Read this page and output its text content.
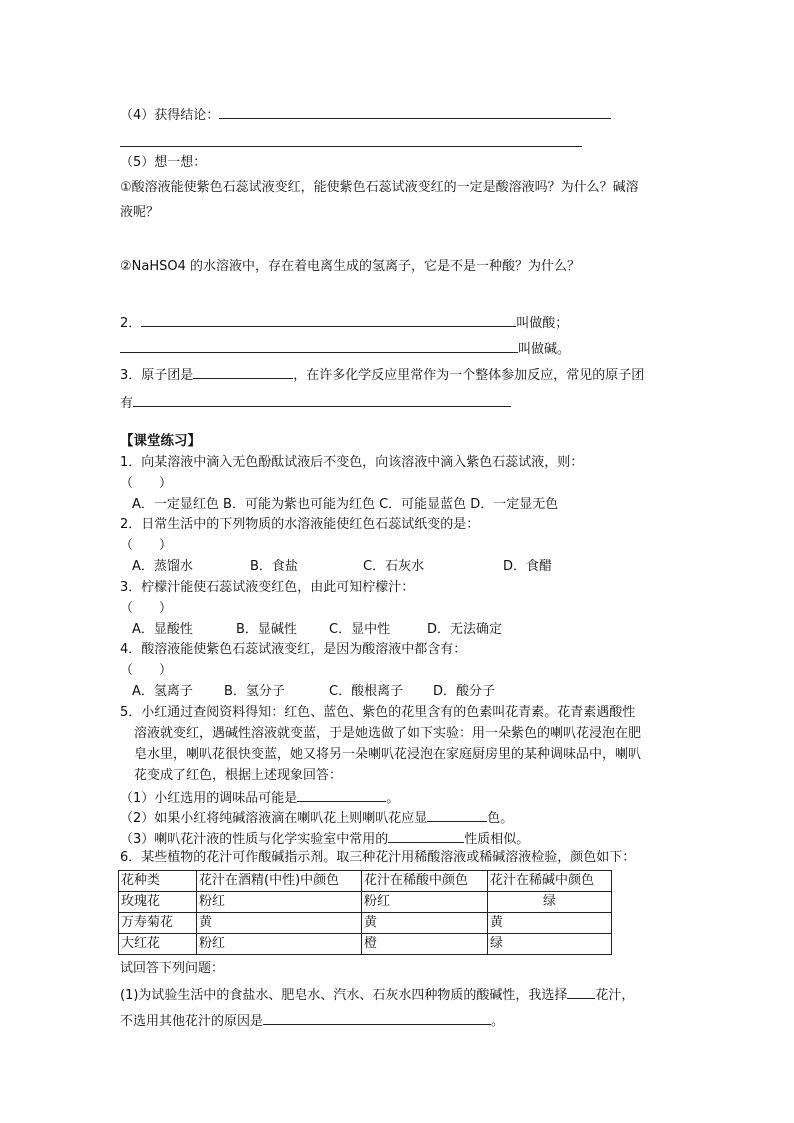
（4）获得结论：
（5）想一想：
①酸溶液能使紫色石蕊试液变红，能使紫色石蕊试液变红的一定是酸溶液吗？为什么？碱溶
液呢？
②NaHSO4 的水溶液中，存在着电离生成的氢离子，它是不是一种酸？为什么？
2．	叫做酸；
叫做碱。
3．原子团是	，在许多化学反应里常作为一个整体参加反应，常见的原子团
有
【课堂练习】
1．向某溶液中滴入无色酚酞试液后不变色，向该溶液中滴入紫色石蕊试液，则：
（　　）
A．一定显红色 B．可能为紫也可能为红色 C．可能显蓝色 D．一定显无色
2．日常生活中的下列物质的水溶液能使红色石蕊试纸变的是：
（　　）
A．蒸馏水	B．食盐	C．石灰水	D．食醋
3．柠檬汁能使石蕊试液变红色，由此可知柠檬汁：
（　　）
A．显酸性	B．显碱性 C．显中性	D．无法确定
4．酸溶液能使紫色石蕊试液变红，是因为酸溶液中都含有：
（　　）
A．氢离子 B．氢分子	C．酸根离子 D．酸分子
5．小红通过查阅资料得知：红色、蓝色、紫色的花里含有的色素叫花青素。花青素遇酸性
溶液就变红，遇碱性溶液就变蓝，于是她选做了如下实验：用一朵紫色的喇叭花浸泡在肥
皂水里，喇叭花很快变蓝，她又将另一朵喇叭花浸泡在家庭厨房里的某种调味品中，喇叭
花变成了红色，根据上述现象回答：
（1）小红选用的调味品可能是	。
（2）如果小红将纯碱溶液滴在喇叭花上则喇叭花应显	色。
（3）喇叭花汁液的性质与化学实验室中常用的	性质相似。
6．某些植物的花汁可作酸碱指示剂。取三种花汁用稀酸溶液或稀碱溶液检验，颜色如下：
花种类	花汁在酒精(中性)中颜色	花汁在稀酸中颜色	花汁在稀碱中颜色
玫瑰花	粉红	粉红	绿
万寿菊花	黄	黄	黄
大红花	粉红	橙	绿
试回答下列问题：
(1)为试验生活中的食盐水、肥皂水、汽水、石灰水四种物质的酸碱性，我选择 花汁，
不选用其他花汁的原因是	。
